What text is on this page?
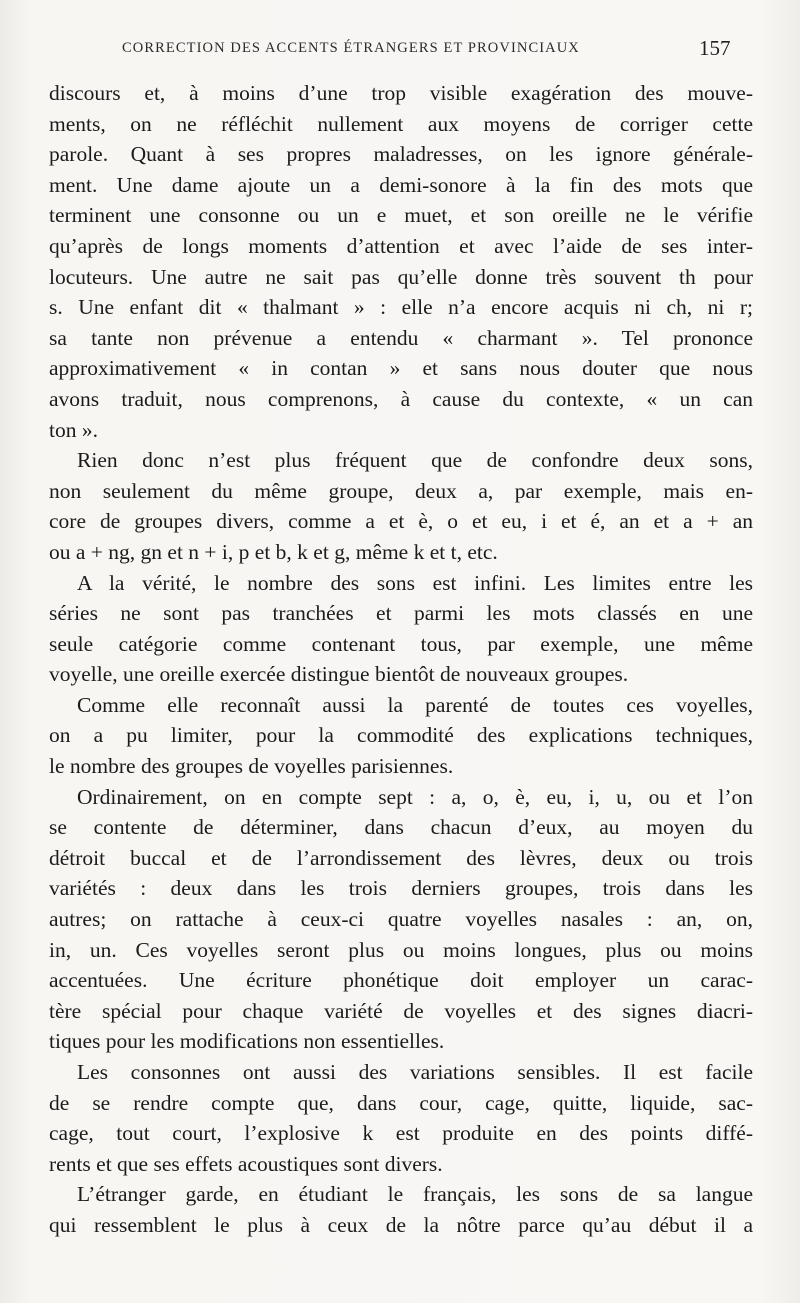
CORRECTION DES ACCENTS ÉTRANGERS ET PROVINCIAUX	157
discours et, à moins d’une trop visible exagération des mouve-
ments, on ne réfléchit nullement aux moyens de corriger cette
parole. Quant à ses propres maladresses, on les ignore générale-
ment. Une dame ajoute un a demi-sonore à la fin des mots que
terminent une consonne ou un e muet, et son oreille ne le vérifie
qu’après de longs moments d’attention et avec l’aide de ses inter-
locuteurs. Une autre ne sait pas qu’elle donne très souvent th pour
s. Une enfant dit « thalmant » : elle n’a encore acquis ni ch, ni r;
sa tante non prévenue a entendu « charmant ». Tel prononce
approximativement « in contan » et sans nous douter que nous
avons traduit, nous comprenons, à cause du contexte, « un can
ton ».
Rien donc n’est plus fréquent que de confondre deux sons,
non seulement du même groupe, deux a, par exemple, mais en-
core de groupes divers, comme a et è, o et eu, i et é, an et a + an
ou a + ng, gn et n + i, p et b, k et g, même k et t, etc.
A la vérité, le nombre des sons est infini. Les limites entre les
séries ne sont pas tranchées et parmi les mots classés en une
seule catégorie comme contenant tous, par exemple, une même
voyelle, une oreille exercée distingue bientôt de nouveaux groupes.
Comme elle reconnaît aussi la parenté de toutes ces voyelles,
on a pu limiter, pour la commodité des explications techniques,
le nombre des groupes de voyelles parisiennes.
Ordinairement, on en compte sept : a, o, è, eu, i, u, ou et l’on
se contente de déterminer, dans chacun d’eux, au moyen du
détroit buccal et de l’arrondissement des lèvres, deux ou trois
variétés : deux dans les trois derniers groupes, trois dans les
autres; on rattache à ceux-ci quatre voyelles nasales : an, on,
in, un. Ces voyelles seront plus ou moins longues, plus ou moins
accentuées. Une écriture phonétique doit employer un carac-
tère spécial pour chaque variété de voyelles et des signes diacri-
tiques pour les modifications non essentielles.
Les consonnes ont aussi des variations sensibles. Il est facile
de se rendre compte que, dans cour, cage, quitte, liquide, sac-
cage, tout court, l’explosive k est produite en des points diffé-
rents et que ses effets acoustiques sont divers.
L’étranger garde, en étudiant le français, les sons de sa langue
qui ressemblent le plus à ceux de la nôtre parce qu’au début il a
